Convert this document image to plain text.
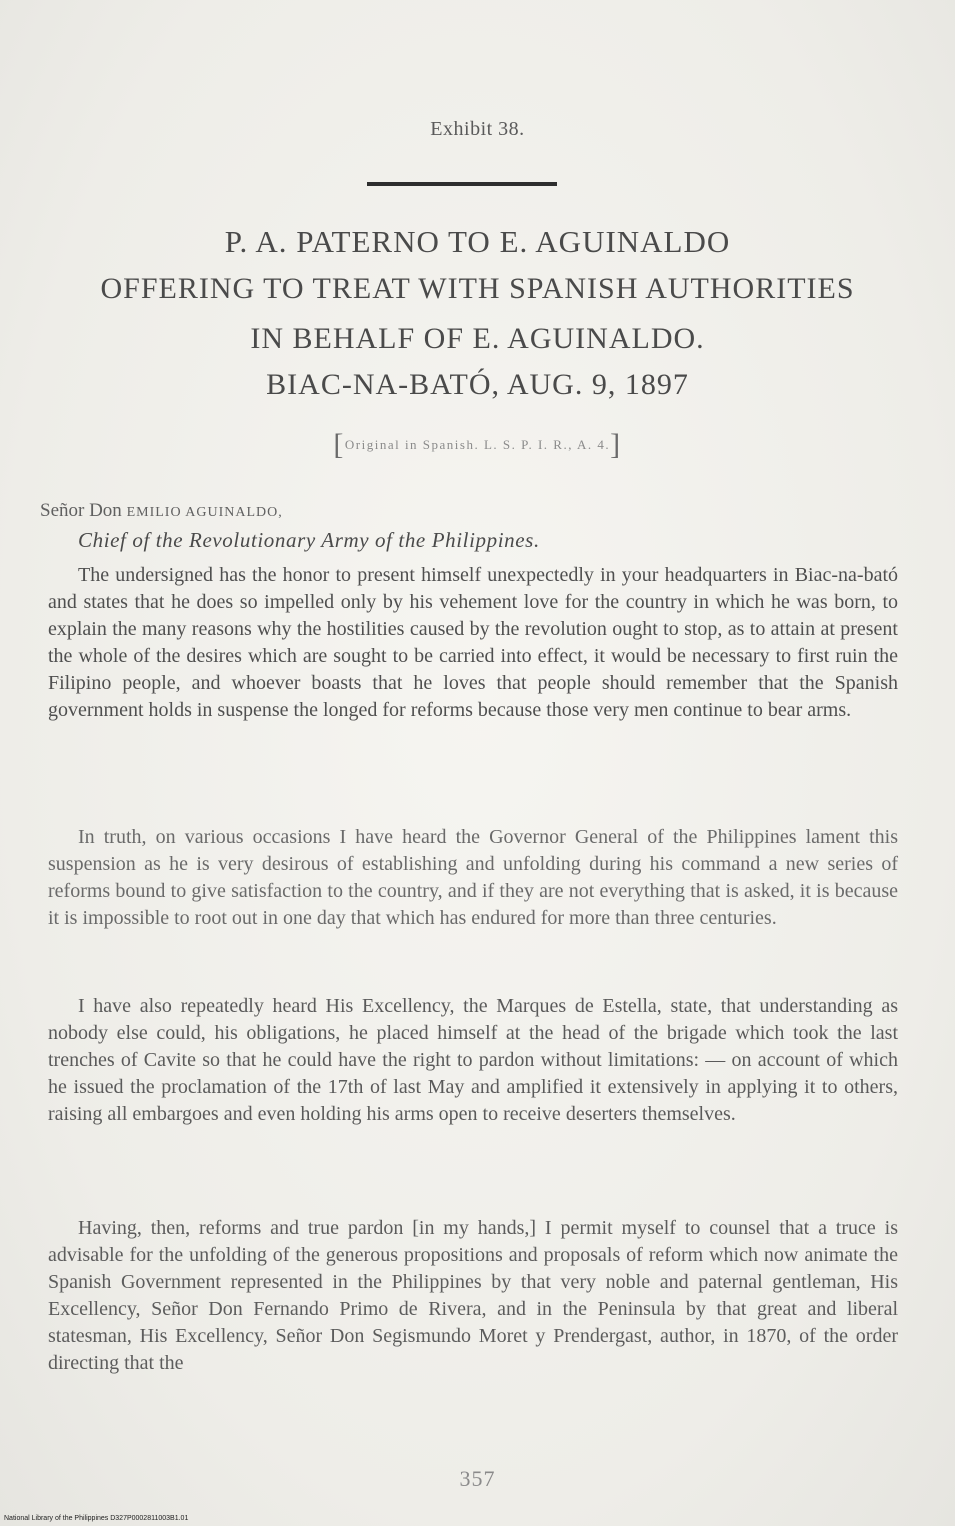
Exhibit 38.
P. A. PATERNO TO E. AGUINALDO
OFFERING TO TREAT WITH SPANISH AUTHORITIES
IN BEHALF OF E. AGUINALDO.
BIAC-NA-BATÓ, AUG. 9, 1897
[Original in Spanish. L. S. P. I. R., A. 4.]
Señor Don EMILIO AGUINALDO,
Chief of the Revolutionary Army of the Philippines.

The undersigned has the honor to present himself unexpectedly in your headquarters in Biac-na-bató and states that he does so impelled only by his vehement love for the country in which he was born, to explain the many reasons why the hostilities caused by the revolution ought to stop, as to attain at present the whole of the desires which are sought to be carried into effect, it would be necessary to first ruin the Filipino people, and whoever boasts that he loves that people should remember that the Spanish government holds in suspense the longed for reforms because those very men continue to bear arms.

In truth, on various occasions I have heard the Governor General of the Philippines lament this suspension as he is very desirous of establishing and unfolding during his command a new series of reforms bound to give satisfaction to the country, and if they are not everything that is asked, it is because it is impossible to root out in one day that which has endured for more than three centuries.

I have also repeatedly heard His Excellency, the Marques de Estella, state, that understanding as nobody else could, his obligations, he placed himself at the head of the brigade which took the last trenches of Cavite so that he could have the right to pardon without limitations: — on account of which he issued the proclamation of the 17th of last May and amplified it extensively in applying it to others, raising all embargoes and even holding his arms open to receive deserters themselves.

Having, then, reforms and true pardon [in my hands,] I permit myself to counsel that a truce is advisable for the unfolding of the generous propositions and proposals of reform which now animate the Spanish Government represented in the Philippines by that very noble and paternal gentleman, His Excellency, Señor Don Fernando Primo de Rivera, and in the Peninsula by that great and liberal statesman, His Excellency, Señor Don Segismundo Moret y Prendergast, author, in 1870, of the order directing that the

357
National Library of the Philippines D327P0002811003B1.01
